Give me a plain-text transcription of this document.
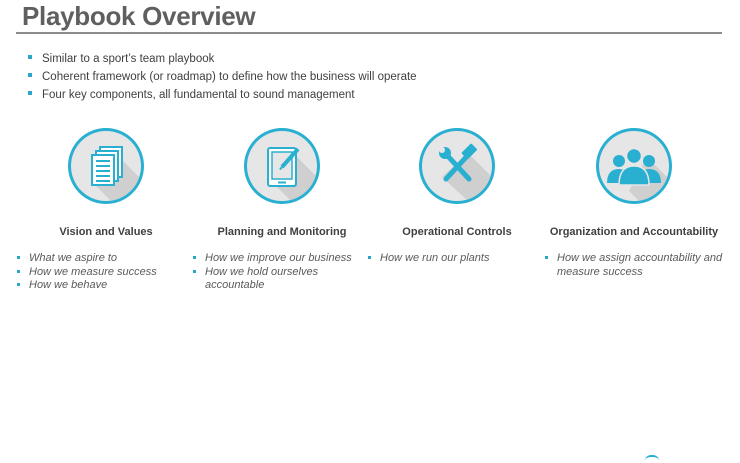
Playbook Overview
Similar to a sport’s team playbook
Coherent framework (or roadmap) to define how the business will operate
Four key components, all fundamental to sound management
Vision and Values
What we aspire to
How we measure success
How we behave
Planning and Monitoring
How we improve our business
How we hold ourselves accountable
Operational Controls
How we run our plants
Organization and Accountability
How we assign accountability and measure success
